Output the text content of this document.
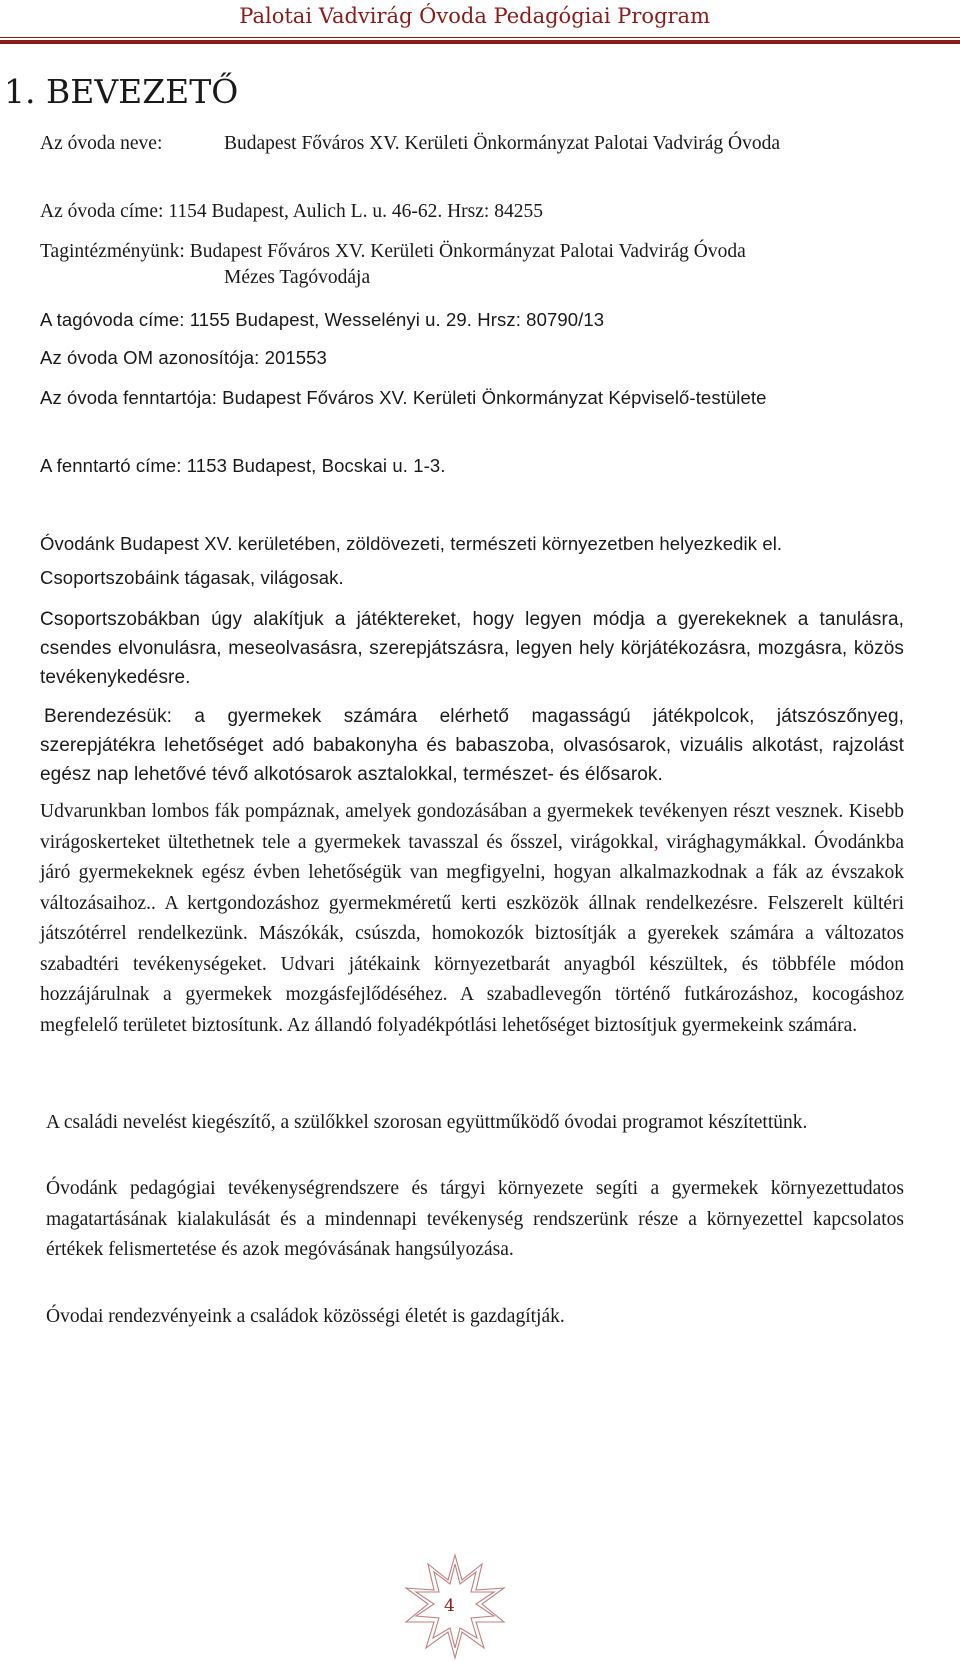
Palotai Vadvirág Óvoda Pedagógiai Program
1. BEVEZETŐ
Az óvoda neve:	Budapest Főváros XV. Kerületi Önkormányzat Palotai Vadvirág Óvoda
Az óvoda címe: 1154 Budapest, Aulich L. u. 46-62. Hrsz: 84255
Tagintézményünk: Budapest Főváros XV. Kerületi Önkormányzat Palotai Vadvirág Óvoda
Mézes Tagóvodája
A tagóvoda címe: 1155 Budapest, Wesselényi u. 29. Hrsz: 80790/13
Az óvoda OM azonosítója: 201553
Az óvoda fenntartója: Budapest Főváros XV. Kerületi Önkormányzat Képviselő-testülete
A fenntartó címe: 1153 Budapest, Bocskai u. 1-3.
Óvodánk Budapest XV. kerületében, zöldövezeti, természeti környezetben helyezkedik el.
Csoportszobáink tágasak, világosak.
Csoportszobákban úgy alakítjuk a játéktereket, hogy legyen módja a gyerekeknek a tanulásra, csendes elvonulásra, meseolvasásra, szerepjátszásra, legyen hely körjátékozásra, mozgásra, közös tevékenykedésre.
Berendezésük: a gyermekek számára elérhető magasságú játékpolcok, játszószőnyeg, szerepjátékra lehetőséget adó babakonyha és babaszoba, olvasósarok, vizuális alkotást, rajzolást egész nap lehetővé tévő alkotósarok asztalokkal, természet- és élősarok.
Udvarunkban lombos fák pompáznak, amelyek gondozásában a gyermekek tevékenyen részt vesznek. Kisebb virágoskerteket ültethetnek tele a gyermekek tavasszal és ősszel, virágokkal, virághagymákkal. Óvodánkba járó gyermekeknek egész évben lehetőségük van megfigyelni, hogyan alkalmazkodnak a fák az évszakok változásaihoz.. A kertgondozáshoz gyermekméretű kerti eszközök állnak rendelkezésre. Felszerelt kültéri játszótérrel rendelkezünk. Mászókák, csúszda, homokozók biztosítják a gyerekek számára a változatos szabadtéri tevékenységeket. Udvari játékaink környezetbarát anyagból készültek, és többféle módon hozzájárulnak a gyermekek mozgásfejlődéséhez. A szabadlevegőn történő futkározáshoz, kocogáshoz megfelelő területet biztosítunk. Az állandó folyadékpótlási lehetőséget biztosítjuk gyermekeink számára.
A családi nevelést kiegészítő, a szülőkkel szorosan együttműködő óvodai programot készítettünk.
Óvodánk pedagógiai tevékenységrendszere és tárgyi környezete segíti a gyermekek környezettudatos magatartásának kialakulását és a mindennapi tevékenység rendszerünk része a környezettel kapcsolatos értékek felismertetése és azok megóvásának hangsúlyozása.
Óvodai rendezvényeink a családok közösségi életét is gazdagítják.
4
